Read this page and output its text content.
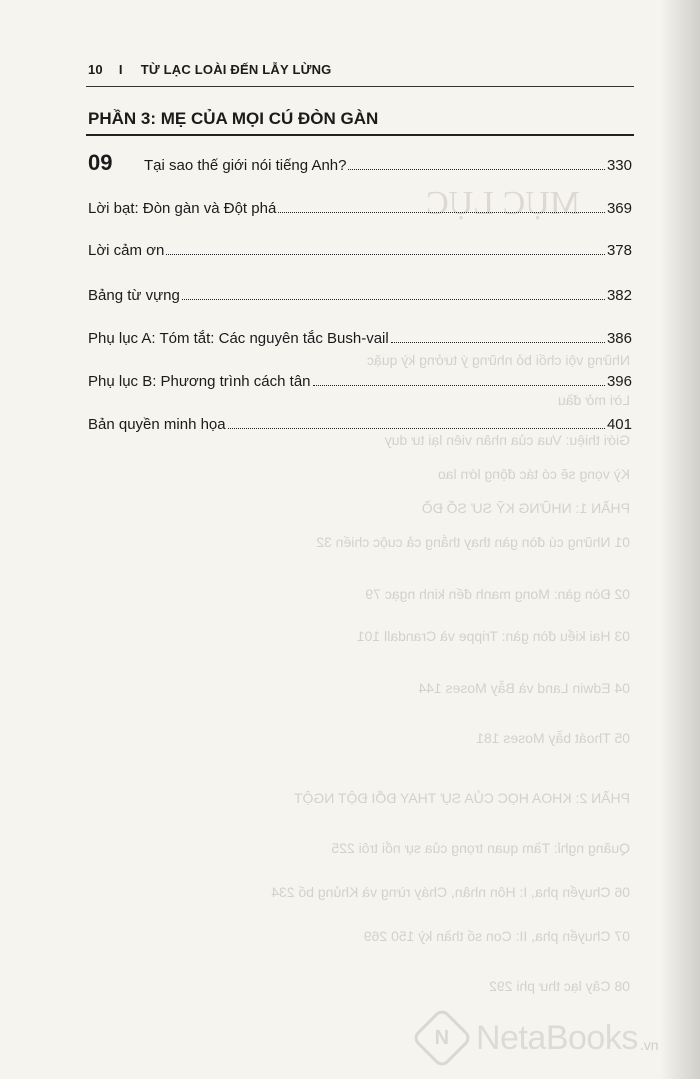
MỤC LỤC
Những vội chối bỏ những ý tưởng kỳ quặc
Lời mở đầu
Giới thiệu: Vua của nhân viên lại tư duy
Kỳ vọng sẽ có tác động lớn lao
PHẦN 1: NHỮNG KỸ SƯ SỐ ĐỒ
01 Những cú đòn gàn thay thắng cả cuộc chiến 32
02 Đòn gàn: Mong manh đến kinh ngạc 79
03 Hai kiểu đòn gàn: Trippe và Crandall 101
04 Edwin Land và Bẫy Moses 144
05 Thoát bẫy Moses 181
PHẦN 2: KHOA HỌC CỦA SỰ THAY ĐỔI ĐỘT NGỘT
Quãng nghỉ: Tầm quan trọng của sự nổi trôi 225
06 Chuyển pha, I: Hôn nhân, Cháy rừng và Khủng bố 234
07 Chuyển pha, II: Con số thần kỳ 150 269
08 Cây lạc thư phi 292
10 I TỪ LẠC LOÀI ĐẾN LẪY LỪNG
PHẦN 3: MẸ CỦA MỌI CÚ ĐÒN GÀN
09	Tại sao thế giới nói tiếng Anh?	330
Lời bạt: Đòn gàn và Đột phá	369
Lời cảm ơn	378
Bảng từ vựng	382
Phụ lục A: Tóm tắt: Các nguyên tắc Bush-vail	386
Phụ lục B: Phương trình cách tân	396
Bản quyền minh họa	401
N NetaBooks .vn
